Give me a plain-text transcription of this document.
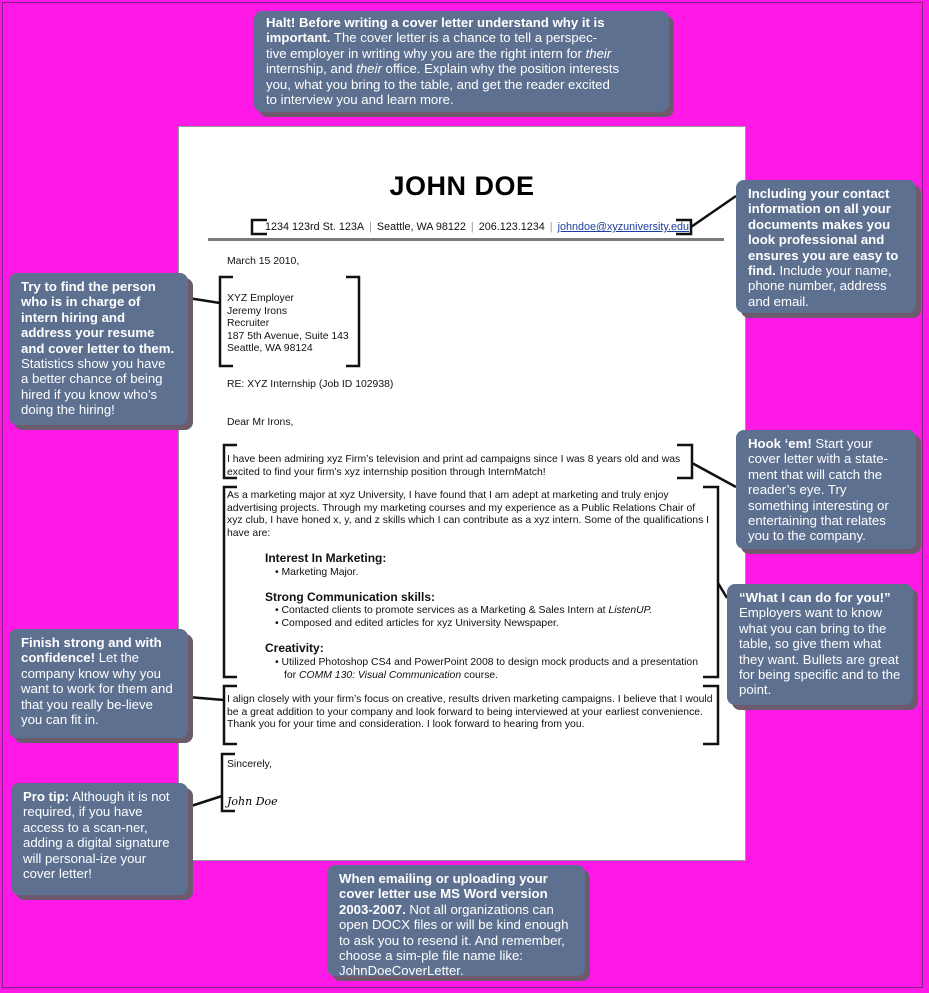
JOHN DOE
1234 123rd St. 123A | Seattle, WA 98122 | 206.123.1234 | johndoe@xyzuniversity.edu
March 15 2010,
XYZ Employer
Jeremy Irons
Recruiter
187 5th Avenue, Suite 143
Seattle, WA 98124
RE: XYZ Internship (Job ID 102938)
Dear Mr Irons,
I have been admiring xyz Firm’s television and print ad campaigns since I was 8 years old and was
excited to find your firm’s xyz internship position through InternMatch!
As a marketing major at xyz University, I have found that I am adept at marketing and truly enjoy
advertising projects. Through my marketing courses and my experience as a Public Relations Chair of
xyz club, I have honed x, y, and z skills which I can contribute as a xyz intern. Some of the qualifications I
have are:
Interest In Marketing:
• Marketing Major.
Strong Communication skills:
• Contacted clients to promote services as a Marketing & Sales Intern at ListenUP.
• Composed and edited articles for xyz University Newspaper.
Creativity:
• Utilized Photoshop CS4 and PowerPoint 2008 to design mock products and a presentation
for COMM 130: Visual Communication course.
I align closely with your firm’s focus on creative, results driven marketing campaigns. I believe that I would
be a great addition to your company and look forward to being interviewed at your earliest convenience.
Thank you for your time and consideration. I look forward to hearing from you.
Sincerely,
John Doe
Halt! Before writing a cover letter understand why it is important. The cover letter is a chance to tell a perspec-
tive employer in writing why you are the right intern for their
internship, and their office. Explain why the position interests
you, what you bring to the table, and get the reader excited
to interview you and learn more.
Including your contact information on all your documents makes you look professional and ensures you are easy to find. Include your name, phone number, address and email.
Try to find the person who is in charge of intern hiring and address your resume and cover letter to them. Statistics show you have a better chance of being hired if you know who’s doing the hiring!
Hook ‘em! Start your cover letter with a state-ment that will catch the reader’s eye. Try something interesting or entertaining that relates you to the company.
“What I can do for you!” Employers want to know what you can bring to the table, so give them what they want. Bullets are great for being specific and to the point.
Finish strong and with confidence! Let the company know why you want to work for them and that you really be-lieve you can fit in.
Pro tip: Although it is not required, if you have access to a scan-ner, adding a digital signature will personal-ize your cover letter!	When emailing or uploading your cover letter use MS Word version 2003-2007. Not all organizations can open DOCX files or will be kind enough to ask you to resend it. And remember, choose a sim-ple file name like: JohnDoeCoverLetter.
